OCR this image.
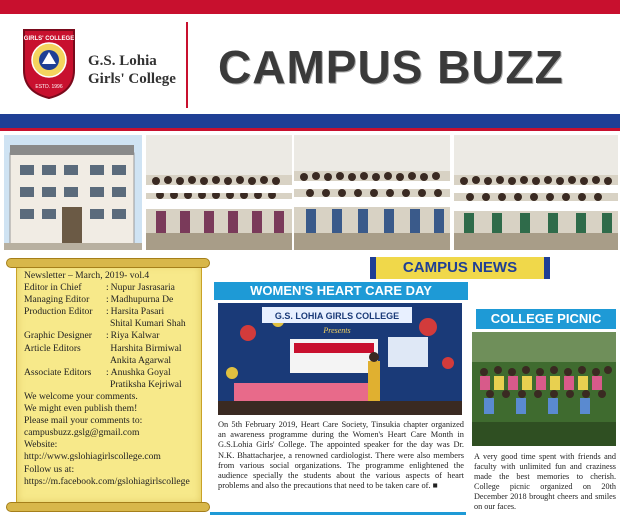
GIRLS' COLLEGE
ESTD. 1996
G.S. Lohia
Girls' College CAMPUS BUZZ
Newsletter – March, 2019- vol.4
Editor in Chief	: Nupur Jasrasaria
Managing Editor	: Madhupurna De
Production Editor	: Harsita Pasari
Shital Kumari Shah
Graphic Designer	: Riya Kalwar
Article Editors
	Harshita Birmiwal
Ankita Agarwal
Associate Editors	: Anushka Goyal
Pratiksha Kejriwal
We welcome your comments.
We might even publish them!
Please mail your comments to:
campusbuzz.gslg@gmail.com
Website:
http://www.gslohiagirlscollege.com
Follow us at:
https://m.facebook.com/gslohiagirlscollege
CAMPUS NEWS
WOMEN'S HEART CARE DAY
G.S. LOHIA GIRLS COLLEGE
Presents
On 5th February 2019, Heart Care Society, Tinsukia chapter organized an awareness programme during the Women's Heart Care Month in G.S.Lohia Girls' College. The appointed speaker for the day was Dr. N.K. Bhattacharjee, a renowned cardiologist. There were also members from various social organizations. The programme enlightened the audience specially the students about the various aspects of heart problems and also the precautions that need to be taken care of. ■
COLLEGE PICNIC
A very good time spent with friends and faculty with unlimited fun and craziness made the best memories to cherish. College picnic organized on 20th December 2018 brought cheers and smiles on our faces.
